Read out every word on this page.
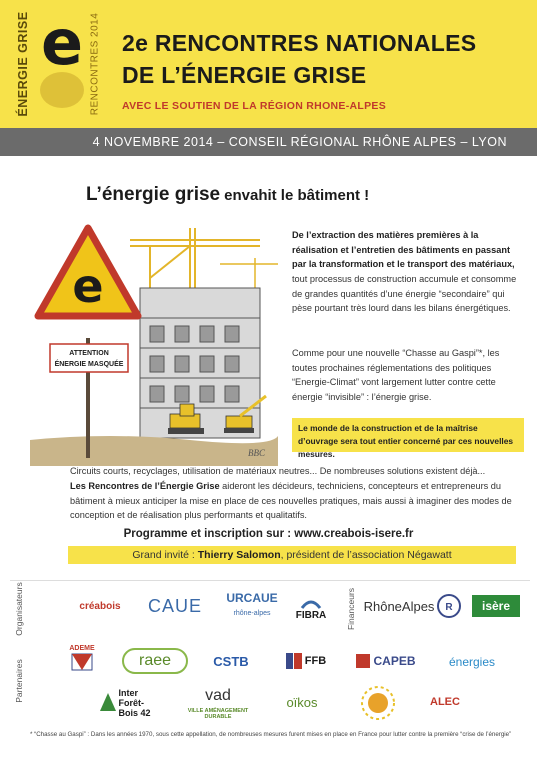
ÉNERGIE GRISE e RENCONTRES 2014 2e RENCONTRES NATIONALES
DE L’ÉNERGIE GRISE
AVEC LE SOUTIEN DE LA RÉGION RHONE-ALPES
4 NOVEMBRE 2014 – CONSEIL RÉGIONAL RHÔNE ALPES – LYON
L’énergie grise envahit le bâtiment !
e
ATTENTION
ÉNERGIE MASQUÉE
BBC
De l’extraction des matières premières à la réalisation et l’entretien des bâtiments en passant par la transformation et le transport des matériaux,
tout processus de construction accumule et consomme de grandes quantités d’une énergie “secondaire” qui pèse pourtant très lourd dans les bilans énergétiques.
Comme pour une nouvelle “Chasse au Gaspi”*, les toutes prochaines réglementations des politiques “Energie-Climat” vont largement lutter contre cette énergie “invisible” : l’énergie grise.
Le monde de la construction et de la maîtrise d’ouvrage sera tout entier concerné par ces nouvelles mesures.
Circuits courts, recyclages, utilisation de matériaux neutres... De nombreuses solutions existent déjà...
Les Rencontres de l’Énergie Grise aideront les décideurs, techniciens, concepteurs et entrepreneurs du bâtiment à mieux anticiper la mise en place de ces nouvelles pratiques, mais aussi à imaginer des modes de conception et de réalisation plus performants et qualitatifs.
Programme et inscription sur : www.creabois-isere.fr
Grand invité : Thierry Salomon, président de l’association Négawatt
Organisateurs	créabois	CAUE	URCAUE
rhône-alpes	FIBRA Financeurs RhôneAlpes R	isère
Partenaires
ADEME
raee	CSTB	FFB	CAPEB	énergies
Inter Forêt-Bois 42
vad
VILLE AMÉNAGEMENT DURABLE
oïkos	ALEC
* “Chasse au Gaspi” : Dans les années 1970, sous cette appellation, de nombreuses mesures furent mises en place en France pour lutter contre la première “crise de l’énergie”
